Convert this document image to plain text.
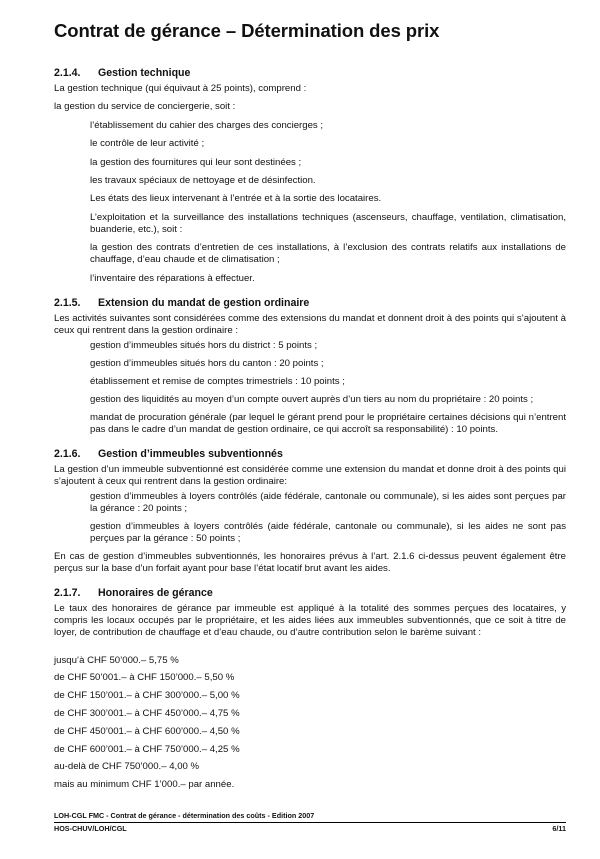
Contrat de gérance – Détermination des prix
2.1.4. Gestion technique
La gestion technique (qui équivaut à 25 points), comprend :
la gestion du service de conciergerie, soit :
l’établissement du cahier des charges des concierges ;
le contrôle de leur activité ;
la gestion des fournitures qui leur sont destinées ;
les travaux spéciaux de nettoyage et de désinfection.
Les états des lieux intervenant à l’entrée et à la sortie des locataires.
L’exploitation et la surveillance des installations techniques (ascenseurs, chauffage, ventilation, climatisation, buanderie, etc.), soit :
la gestion des contrats d’entretien de ces installations, à l’exclusion des contrats relatifs aux installations de chauffage, d’eau chaude et de climatisation ;
l’inventaire des réparations à effectuer.
2.1.5. Extension du mandat de gestion ordinaire
Les activités suivantes sont considérées comme des extensions du mandat et donnent droit à des points qui s’ajoutent à ceux qui rentrent dans la gestion ordinaire :
gestion d’immeubles situés hors du district : 5 points ;
gestion d’immeubles situés hors du canton : 20 points ;
établissement et remise de comptes trimestriels : 10 points ;
gestion des liquidités au moyen d’un compte ouvert auprès d’un tiers au nom du propriétaire : 20 points ;
mandat de procuration générale (par lequel le gérant prend pour le propriétaire certaines décisions qui n’entrent pas dans le cadre d’un mandat de gestion ordinaire, ce qui accroît sa responsabilité) : 10 points.
2.1.6. Gestion d’immeubles subventionnés
La gestion d’un immeuble subventionné est considérée comme une extension du mandat et donne droit à des points qui s’ajoutent à ceux qui rentrent dans la gestion ordinaire:
gestion d’immeubles à loyers contrôlés (aide fédérale, cantonale ou communale), si les aides sont perçues par la gérance : 20 points ;
gestion d’immeubles à loyers contrôlés (aide fédérale, cantonale ou communale), si les aides ne sont pas perçues par la gérance : 50 points ;
En cas de gestion d’immeubles subventionnés, les honoraires prévus à l’art. 2.1.6 ci-dessus peuvent également être perçus sur la base d’un forfait ayant pour base l’état locatif brut avant les aides.
2.1.7. Honoraires de gérance
Le taux des honoraires de gérance par immeuble est appliqué à la totalité des sommes perçues des locataires, y compris les locaux occupés par le propriétaire, et les aides liées aux immeubles subventionnés, que ce soit à titre de loyer, de contribution de chauffage et d’eau chaude, ou d’autre contribution selon le barème suivant :
jusqu’à CHF 50’000.– 5,75 %
de CHF 50’001.– à CHF 150’000.– 5,50 %
de CHF 150’001.– à CHF 300’000.– 5,00 %
de CHF 300’001.– à CHF 450’000.– 4,75 %
de CHF 450’001.– à CHF 600’000.– 4,50 %
de CHF 600’001.– à CHF 750’000.– 4,25 %
au-delà de CHF 750’000.– 4,00 %
mais au minimum CHF 1’000.– par année.
LOH-CGL FMC - Contrat de gérance - détermination des coûts - Edition 2007
HOS-CHUV/LOH/CGL	6/11
